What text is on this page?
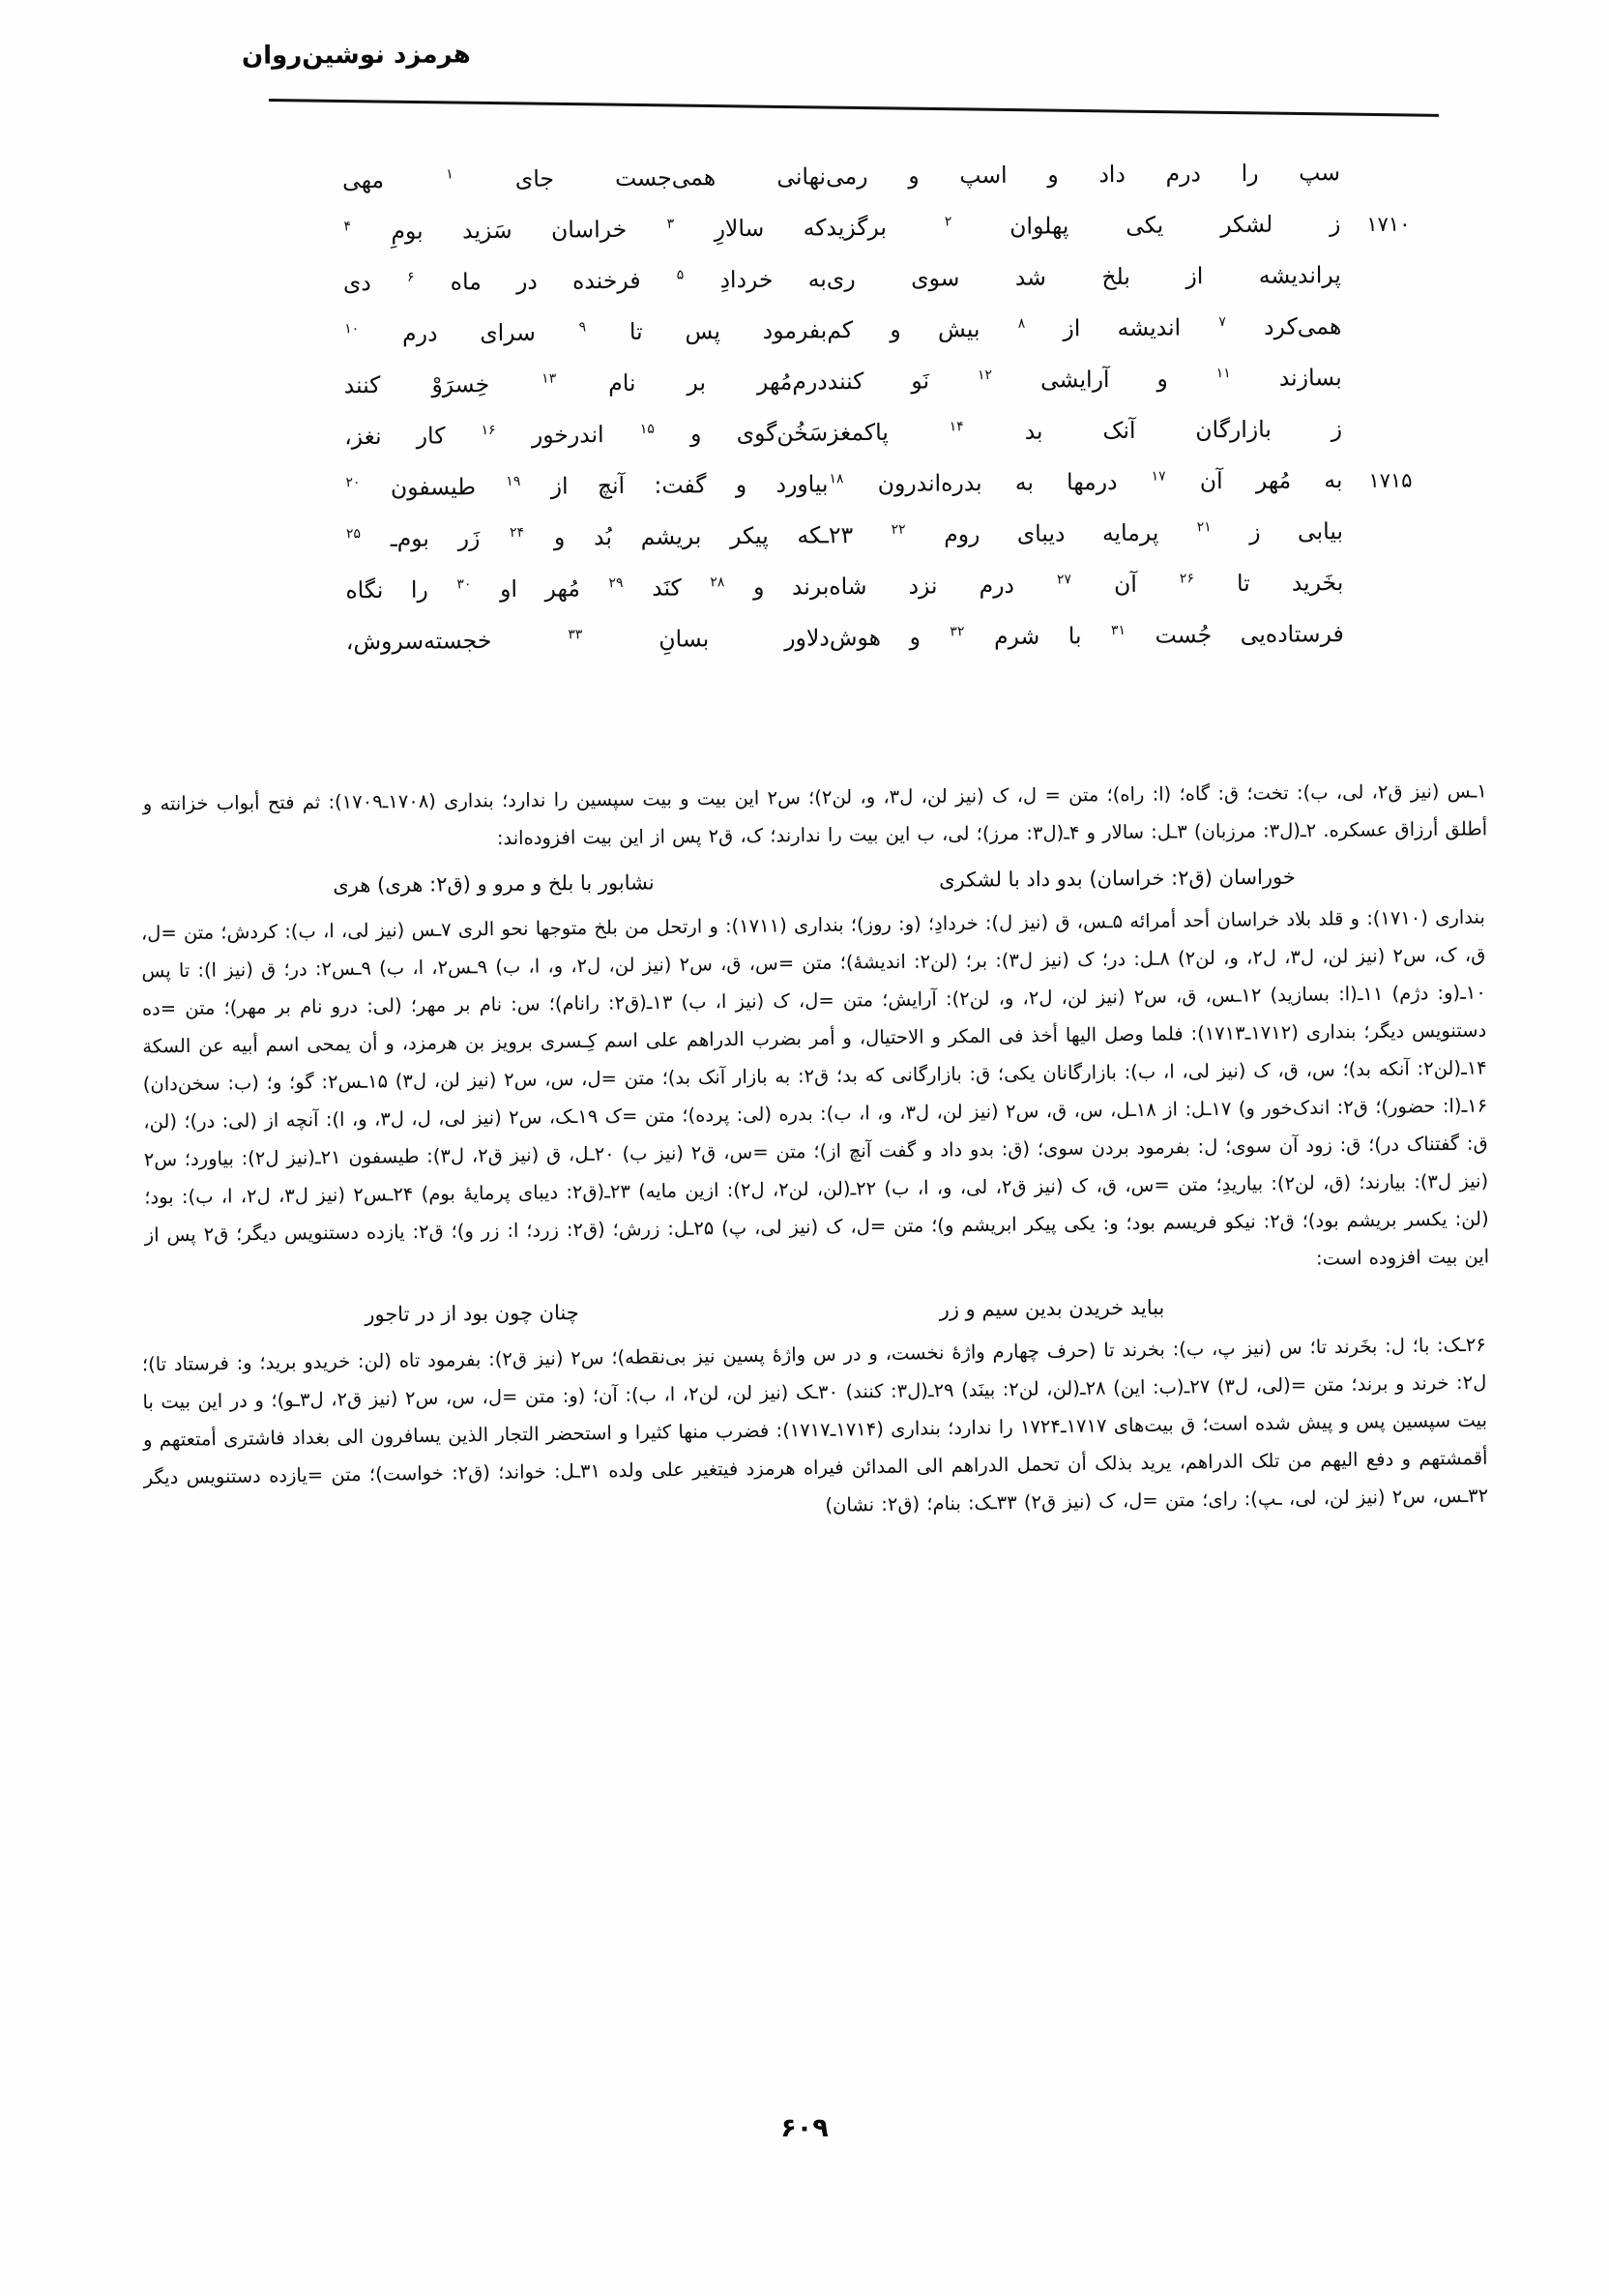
هرمزد نوشین‌روان
سپ را درم داد و اسپ و رمی
نهانی همی‌جست جای $^۱$ مهی
۱۷۱۰
ز لشکر یکی پهلوان $^۲$ برگزید
که سالارِ $^۳$ خراسان سَزید بومِ $^۴$
پراندیشه از بلخ شد سوی ری
به خردادِ $^۵$ فرخنده در ماه $^۶$ دی
همی‌کرد $^۷$ اندیشه از $^۸$ بیش و کم
بفرمود پس تا $^۹$ سرای درم $^{۱۰}$
بسازند $^{۱۱}$ و آرایشی $^{۱۲}$ نَو کنند
درم‌مُهر بر نام $^{۱۳}$ خِسرَوْ کنند
ز بازارگان آنک بد $^{۱۴}$ پاکمغز
سَخُن‌گوی و $^{۱۵}$ اندرخور $^{۱۶}$ کار نغز،
۱۷۱۵
به مُهر آن $^{۱۷}$ درمها به بدره‌اندرون $^{۱۸}$
بیاورد و گفت: آنچ از $^{۱۹}$ طیسفون $^{۲۰}$
بیابی ز $^{۲۱}$ پرمایه دیبای روم $^{۲۲}$ ۲۳
ـکه پیکر بریشم بُد و $^{۲۴}$ زَر بوم‌ـ $^{۲۵}$
بخَرید تا $^{۲۶}$ آن $^{۲۷}$ درم نزد شاه
برند و $^{۲۸}$ کنَد $^{۲۹}$ مُهر او $^{۳۰}$ را نگاه
فرستاده‌یی جُست $^{۳۱}$ با شرم $^{۳۲}$ و هوش
دلاور بسانِ $^{۳۳}$ خجسته‌سروش،

۱ـس (نیز ق۲، لی، ب): تخت؛ ق: گاه؛ (ا: راه)؛ متن = ل، ک (نیز لن، ل۳، و، لن۲)؛ س۲ این بیت و بیت سپسین را ندارد؛ بنداری (۱۷۰۸ـ۱۷۰۹): ثم فتح أبواب خزانته و أطلق أرزاق عسکره. ۲ـ(ل۳: مرزبان) ۳ـل: سالار و ۴ـ(ل۳: مرز)؛ لی، ب این بیت را ندارند؛ ک، ق۲ پس از این بیت افزوده‌اند:

خوراسان (ق۲: خراسان) بدو داد با لشکری
نشابور با بلخ و مرو و (ق۲: هری) هری

بنداری (۱۷۱۰): و قلد بلاد خراسان أحد أمرائه ۵ـس، ق (نیز ل): خردادِ؛ (و: روز)؛ بنداری (۱۷۱۱): و ارتحل من بلخ متوجها نحو الری ۷ـس (نیز لی، ا، ب): کردش؛ متن =ل، ق، ک، س۲ (نیز لن، ل۳، ل۲، و، لن۲) ۸ـل: در؛ ک (نیز ل۳): بر؛ (لن۲: اندیشهٔ)؛ متن =س، ق، س۲ (نیز لن، ل۲، و، ا، ب) ۹ـس۲، ا، ب) ۹ـس۲: در؛ ق (نیز ا): تا پس ۱۰ـ(و: دژم) ۱۱ـ(ا: بسازید) ۱۲ـس، ق، س۲ (نیز لن، ل۲، و، لن۲): آرایش؛ متن =ل، ک (نیز ا، ب) ۱۳ـ(ق۲: رانام)؛ س: نام بر مهر؛ (لی: درو نام بر مهر)؛ متن =ده دستنویس دیگر؛ بنداری (۱۷۱۲ـ۱۷۱۳): فلما وصل الیها أخذ فی المکر و الاحتیال، و أمر بضرب الدراهم علی اسم کِـسری برویز بن هرمزد، و أن یمحی اسم أبیه عن السکة ۱۴ـ(لن۲: آنکه بد)؛ س، ق، ک (نیز لی، ا، ب): بازارگانان یکی؛ ق: بازارگانی که بد؛ ق۲: به بازار آنک بد)؛ متن =ل، س، س۲ (نیز لن، ل۳) ۱۵ـس۲: گو؛ و؛ (ب: سخن‌دان) ۱۶ـ(ا: حضور)؛ ق۲: اندک‌خور و) ۱۷ـل: از ۱۸ـل، س، ق، س۲ (نیز لن، ل۳، و، ا، ب): بدره (لی: پرده)؛ متن =ک ۱۹ـک، س۲ (نیز لی، ل، ل۳، و، ا): آنچه از (لی: در)؛ (لن، ق: گفتناک در)؛ ق: زود آن سوی؛ ل: بفرمود بردن سوی؛ (ق: بدو داد و گفت آنچ از)؛ متن =س، ق۲ (نیز ب) ۲۰ـل، ق (نیز ق۲، ل۳): طیسفون ۲۱ـ(نیز ل۲): بیاورد؛ س۲ (نیز ل۳): بیارند؛ (ق، لن۲): بیاریدِ؛ متن =س، ق، ک (نیز ق۲، لی، و، ا، ب) ۲۲ـ(لن، لن۲، ل۲): ازین مایه) ۲۳ـ(ق۲: دیبای پرمایهٔ بوم) ۲۴ـس۲ (نیز ل۳، ل۲، ا، ب): بود؛ (لن: یکسر بریشم بود)؛ ق۲: نیکو فریسم بود؛ و: یکی پیکر ابریشم و)؛ متن =ل، ک (نیز لی، پ) ۲۵ـل: زرش؛ (ق۲: زرد؛ ا: زر و)؛ ق۲: یازده دستنویس دیگر؛ ق۲ پس از این بیت افزوده است:

بباید خریدن بدین سیم و زر
چنان چون بود از در تاجور

۲۶ـک: با؛ ل: بخَرند تا؛ س (نیز پ، ب): بخرند تا (حرف چهارم واژهٔ نخست، و در س واژهٔ پسین نیز بی‌نقطه)؛ س۲ (نیز ق۲): بفرمود تاه (لن: خریدو برید؛ و: فرستاد تا)؛ ل۲: خرند و برند؛ متن =(لی، ل۳) ۲۷ـ(ب: این) ۲۸ـ(لن، لن۲: بینَد) ۲۹ـ(ل۳: کنند) ۳۰ـک (نیز لن، لن۲، ا، ب): آن؛ (و: متن =ل، س، س۲ (نیز ق۲، ل۳ـو)؛ و در این بیت با بیت سپسین پس و پیش شده است؛ ق بیت‌های ۱۷۱۷ـ۱۷۲۴ را ندارد؛ بنداری (۱۷۱۴ـ۱۷۱۷): فضرب منها کثیرا و استحضر التجار الذین یسافرون الی بغداد فاشتری أمتعتهم و أقمشتهم و دفع الیهم من تلک الدراهم، یرید بذلک أن تحمل الدراهم الی المدائن فیراه هرمزد فیتغیر علی ولده ۳۱ـل: خواند؛ (ق۲: خواست)؛ متن =یازده دستنویس دیگر ۳۲ـس، س۲ (نیز لن، لی، ـپ): رای؛ متن =ل، ک (نیز ق۲) ۳۳ـک: بنام؛ (ق۲: نشان)

۶۰۹
